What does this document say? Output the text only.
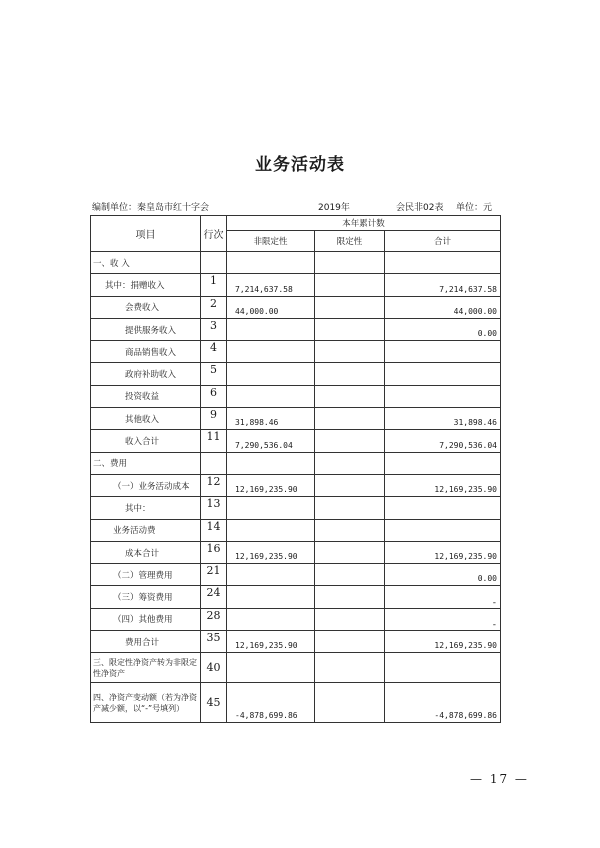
业务活动表
编制单位：秦皇岛市红十字会	2019年	会民非02表 单位：元
项目	行次	本年累计数		
		非限定性	限定性	合计
一、收 入				
其中：捐赠收入	1	7,214,637.58		7,214,637.58
会费收入	2	44,000.00		44,000.00
提供服务收入	3			0.00
商品销售收入	4			
政府补助收入	5			
投资收益	6			
其他收入	9	31,898.46		31,898.46
收入合计	11	7,290,536.04		7,290,536.04
二、费用				
（一）业务活动成本	12	12,169,235.90		12,169,235.90
其中：	13			
业务活动费	14			
成本合计	16	12,169,235.90		12,169,235.90
（二）管理费用	21			0.00
（三）筹资费用	24			-
（四）其他费用	28			-
费用合计	35	12,169,235.90		12,169,235.90
三、限定性净资产转为非限定性净资产	40			
四、净资产变动额（若为净资产减少额，以“-”号填列）	45	-4,878,699.86		-4,878,699.86
— 17 —
